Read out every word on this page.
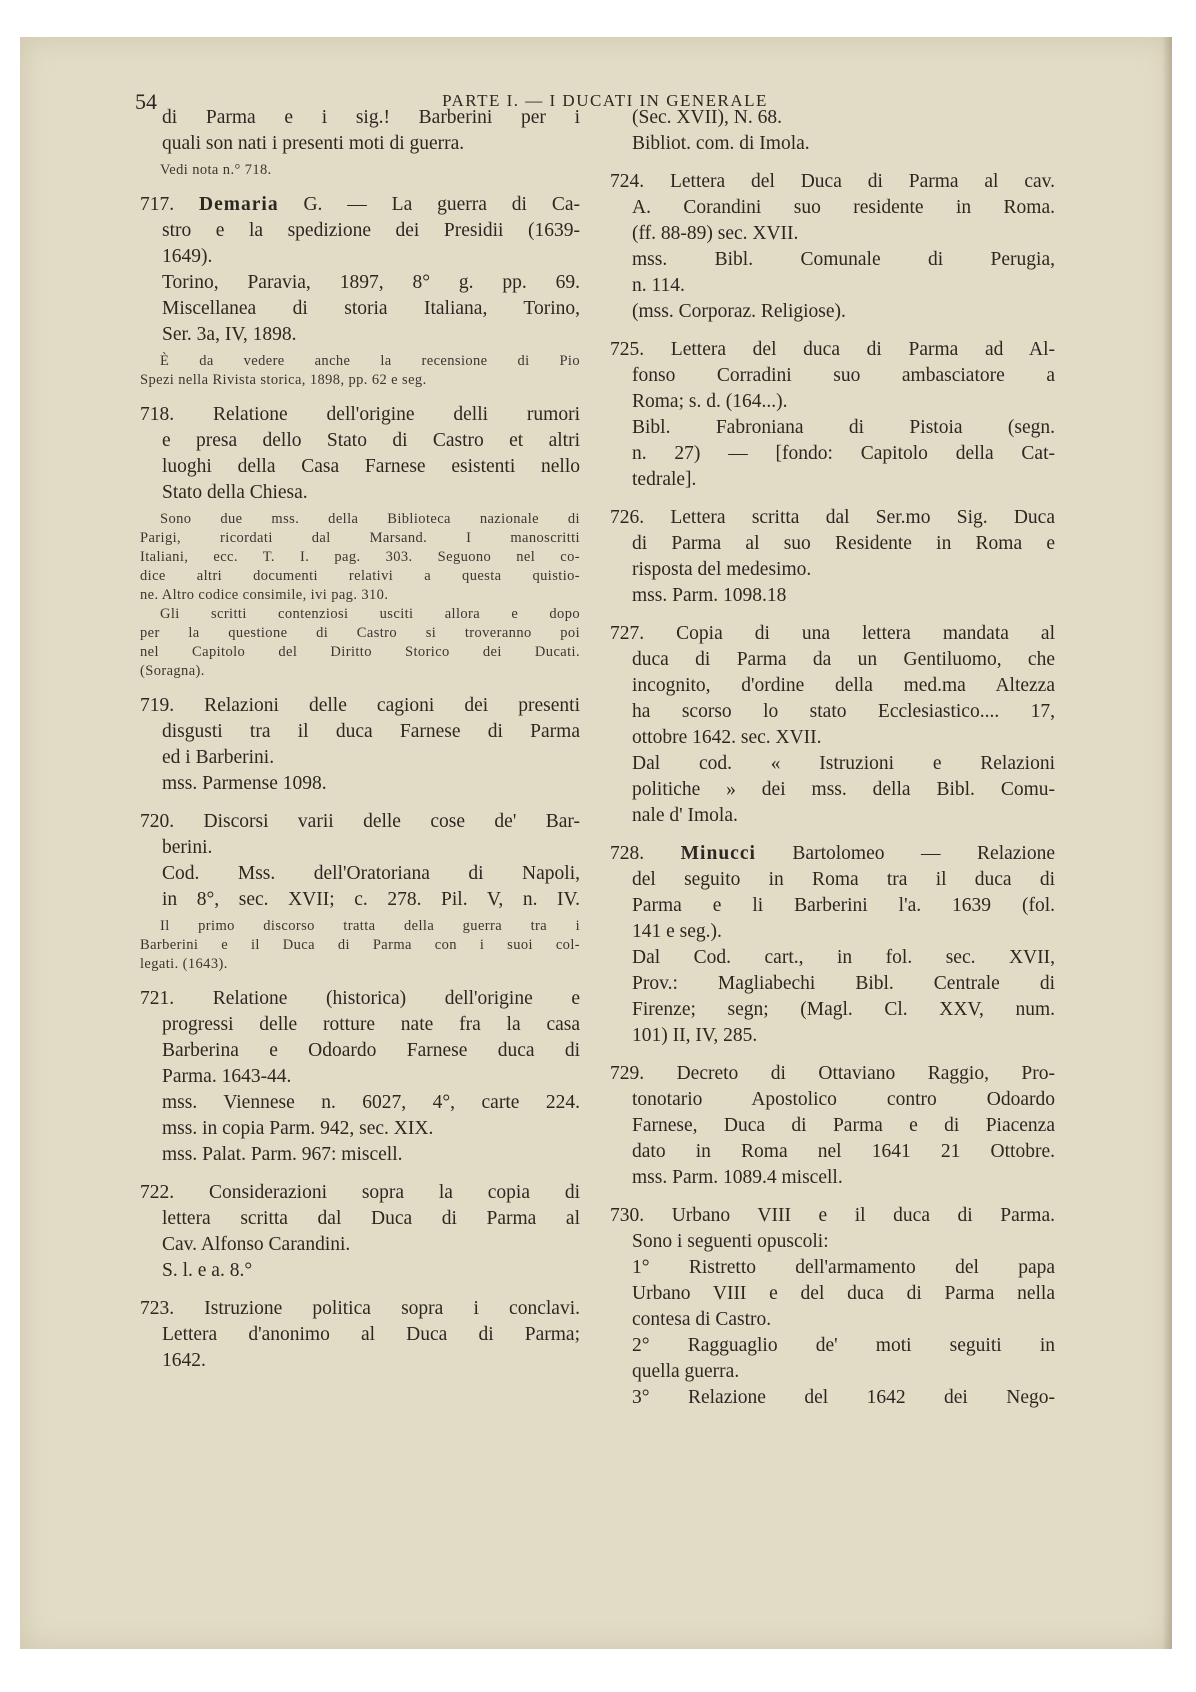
54	PARTE I. — I DUCATI IN GENERALE
di Parma e i sig.! Barberini per i
quali son nati i presenti moti di guerra.
Vedi nota n.° 718.
717. Demaria G. — La guerra di Ca-
stro e la spedizione dei Presidii (1639-
1649).
Torino, Paravia, 1897, 8° g. pp. 69.
Miscellanea di storia Italiana, Torino,
Ser. 3a, IV, 1898.
È da vedere anche la recensione di Pio
Spezi nella Rivista storica, 1898, pp. 62 e seg.
718. Relatione dell'origine delli rumori
e presa dello Stato di Castro et altri
luoghi della Casa Farnese esistenti nello
Stato della Chiesa.
Sono due mss. della Biblioteca nazionale di
Parigi, ricordati dal Marsand. I manoscritti
Italiani, ecc. T. I. pag. 303. Seguono nel co-
dice altri documenti relativi a questa quistio-
ne. Altro codice consimile, ivi pag. 310.
Gli scritti contenziosi usciti allora e dopo
per la questione di Castro si troveranno poi
nel Capitolo del Diritto Storico dei Ducati.
(Soragna).
719. Relazioni delle cagioni dei presenti
disgusti tra il duca Farnese di Parma
ed i Barberini.
mss. Parmense 1098.
720. Discorsi varii delle cose de' Bar-
berini.
Cod. Mss. dell'Oratoriana di Napoli,
in 8°, sec. XVII; c. 278. Pil. V, n. IV.
Il primo discorso tratta della guerra tra i
Barberini e il Duca di Parma con i suoi col-
legati. (1643).
721. Relatione (historica) dell'origine e
progressi delle rotture nate fra la casa
Barberina e Odoardo Farnese duca di
Parma. 1643-44.
mss. Viennese n. 6027, 4°, carte 224.
mss. in copia Parm. 942, sec. XIX.
mss. Palat. Parm. 967: miscell.
722. Considerazioni sopra la copia di
lettera scritta dal Duca di Parma al
Cav. Alfonso Carandini.
S. l. e a. 8.°
723. Istruzione politica sopra i conclavi.
Lettera d'anonimo al Duca di Parma;
1642.
(Sec. XVII), N. 68.
Bibliot. com. di Imola.
724. Lettera del Duca di Parma al cav.
A. Corandini suo residente in Roma.
(ff. 88-89) sec. XVII.
mss. Bibl. Comunale di Perugia,
n. 114.
(mss. Corporaz. Religiose).
725. Lettera del duca di Parma ad Al-
fonso Corradini suo ambasciatore a
Roma; s. d. (164...).
Bibl. Fabroniana di Pistoia (segn.
n. 27) — [fondo: Capitolo della Cat-
tedrale].
726. Lettera scritta dal Ser.mo Sig. Duca
di Parma al suo Residente in Roma e
risposta del medesimo.
mss. Parm. 1098.18
727. Copia di una lettera mandata al
duca di Parma da un Gentiluomo, che
incognito, d'ordine della med.ma Altezza
ha scorso lo stato Ecclesiastico.... 17,
ottobre 1642. sec. XVII.
Dal cod. « Istruzioni e Relazioni
politiche » dei mss. della Bibl. Comu-
nale d' Imola.
728. Minucci Bartolomeo — Relazione
del seguito in Roma tra il duca di
Parma e li Barberini l'a. 1639 (fol.
141 e seg.).
Dal Cod. cart., in fol. sec. XVII,
Prov.: Magliabechi Bibl. Centrale di
Firenze; segn; (Magl. Cl. XXV, num.
101) II, IV, 285.
729. Decreto di Ottaviano Raggio, Pro-
tonotario Apostolico contro Odoardo
Farnese, Duca di Parma e di Piacenza
dato in Roma nel 1641 21 Ottobre.
mss. Parm. 1089.4 miscell.
730. Urbano VIII e il duca di Parma.
Sono i seguenti opuscoli:
1° Ristretto dell'armamento del papa
Urbano VIII e del duca di Parma nella
contesa di Castro.
2° Ragguaglio de' moti seguiti in
quella guerra.
3° Relazione del 1642 dei Nego-
